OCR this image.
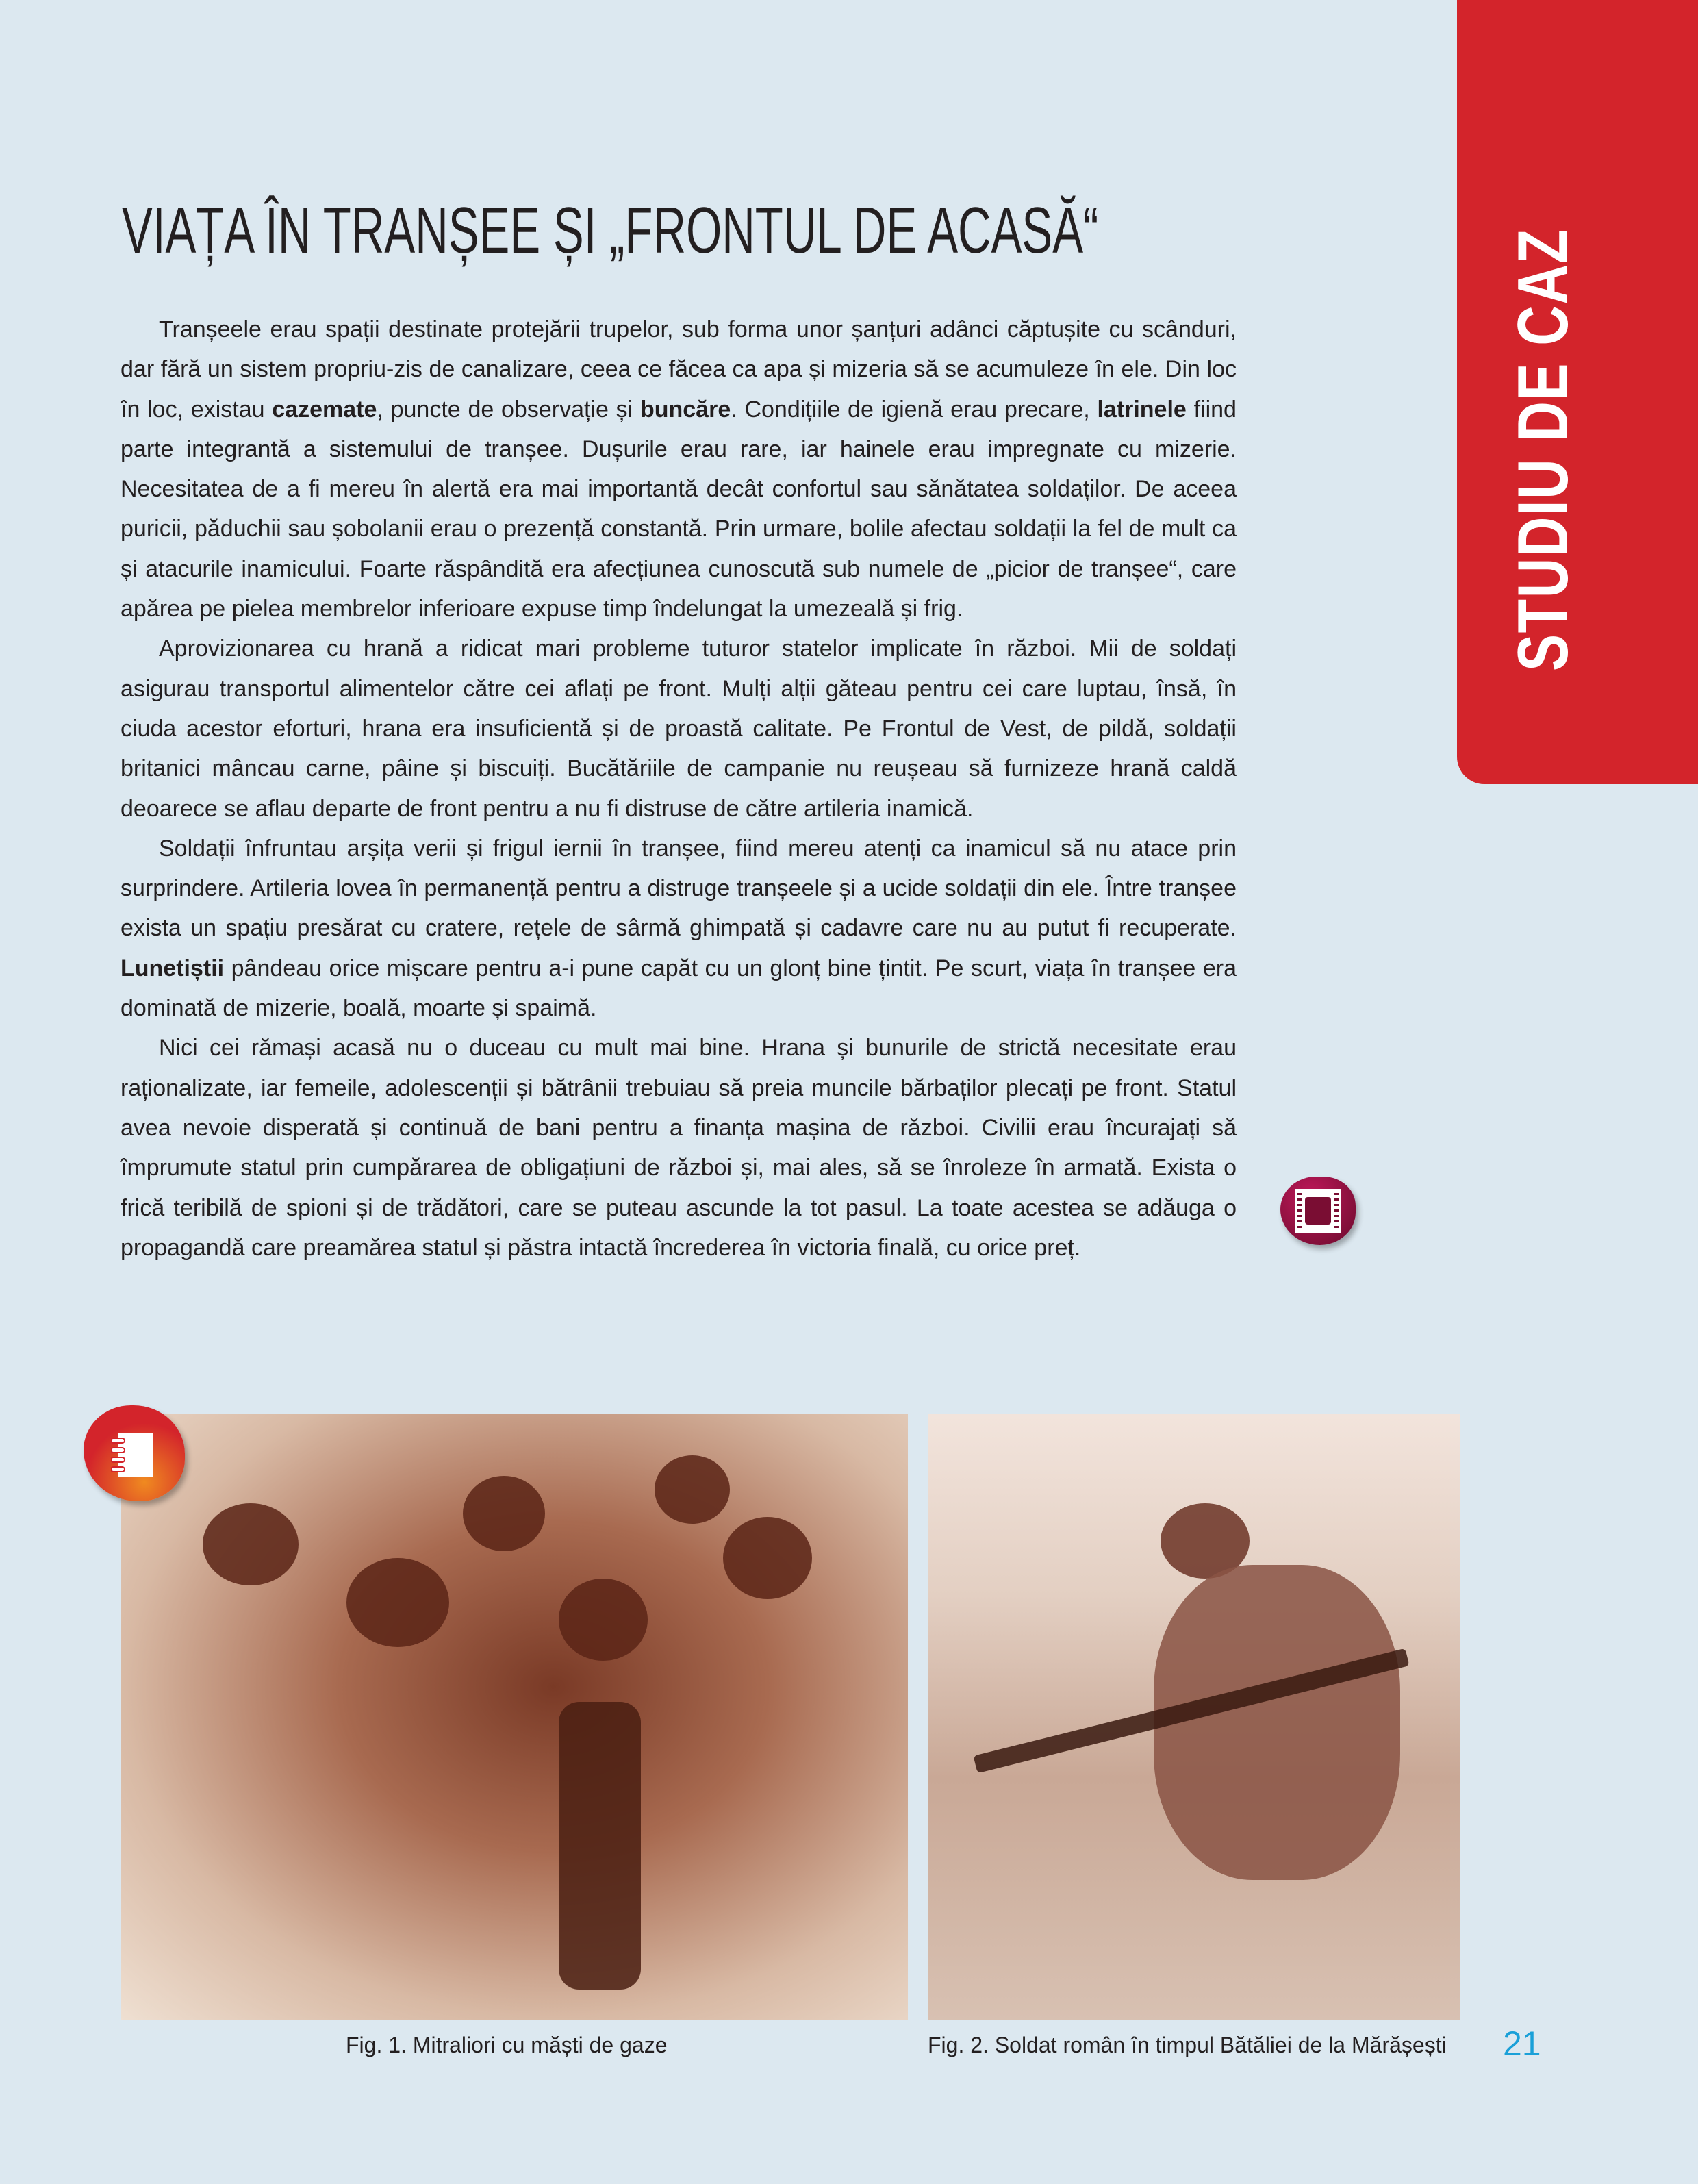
STUDIU DE CAZ
VIAȚA ÎN TRANȘEE ȘI „FRONTUL DE ACASĂ“

Tranșeele erau spații destinate protejării trupelor, sub forma unor șanțuri adânci căptușite cu scânduri, dar fără un sistem propriu-zis de canalizare, ceea ce făcea ca apa și mizeria să se acumuleze în ele. Din loc în loc, existau cazemate, puncte de observație și buncăre. Condițiile de igienă erau precare, latrinele fiind parte integrantă a sistemului de tranșee. Dușurile erau rare, iar hainele erau impregnate cu mizerie. Necesitatea de a fi mereu în alertă era mai importantă decât confortul sau sănătatea soldaților. De aceea puricii, păduchii sau șobolanii erau o prezență constantă. Prin urmare, bolile afectau soldații la fel de mult ca și atacurile inamicului. Foarte răspândită era afecțiunea cunoscută sub numele de „picior de tranșee“, care apărea pe pielea membrelor inferioare expuse timp îndelungat la umezeală și frig.

Aprovizionarea cu hrană a ridicat mari probleme tuturor statelor implicate în război. Mii de soldați asigurau transportul alimentelor către cei aflați pe front. Mulți alții găteau pentru cei care luptau, însă, în ciuda acestor eforturi, hrana era insuficientă și de proastă calitate. Pe Frontul de Vest, de pildă, soldații britanici mâncau carne, pâine și biscuiți. Bucătăriile de campanie nu reușeau să furnizeze hrană caldă deoarece se aflau departe de front pentru a nu fi distruse de către artileria inamică.

Soldații înfruntau arșița verii și frigul iernii în tranșee, fiind mereu atenți ca inamicul să nu atace prin surprindere. Artileria lovea în permanență pentru a distruge tranșeele și a ucide soldații din ele. Între tranșee exista un spațiu presărat cu cratere, rețele de sârmă ghimpată și cadavre care nu au putut fi recuperate. Lunetiștii pândeau orice mișcare pentru a-i pune capăt cu un glonț bine țintit. Pe scurt, viața în tranșee era dominată de mizerie, boală, moarte și spaimă.

Nici cei rămași acasă nu o duceau cu mult mai bine. Hrana și bunurile de strictă necesitate erau raționalizate, iar femeile, adolescenții și bătrânii trebuiau să preia muncile bărbaților plecați pe front. Statul avea nevoie disperată și continuă de bani pentru a finanța mașina de război. Civilii erau încurajați să împrumute statul prin cumpărarea de obligațiuni de război și, mai ales, să se înroleze în armată. Exista o frică teribilă de spioni și de trădători, care se puteau ascunde la tot pasul. La toate acestea se adăuga o propagandă care preamărea statul și păstra intactă încrederea în victoria finală, cu orice preț.

Fig. 1. Mitraliori cu măști de gaze	Fig. 2. Soldat român în timpul Bătăliei de la Mărășești 21
